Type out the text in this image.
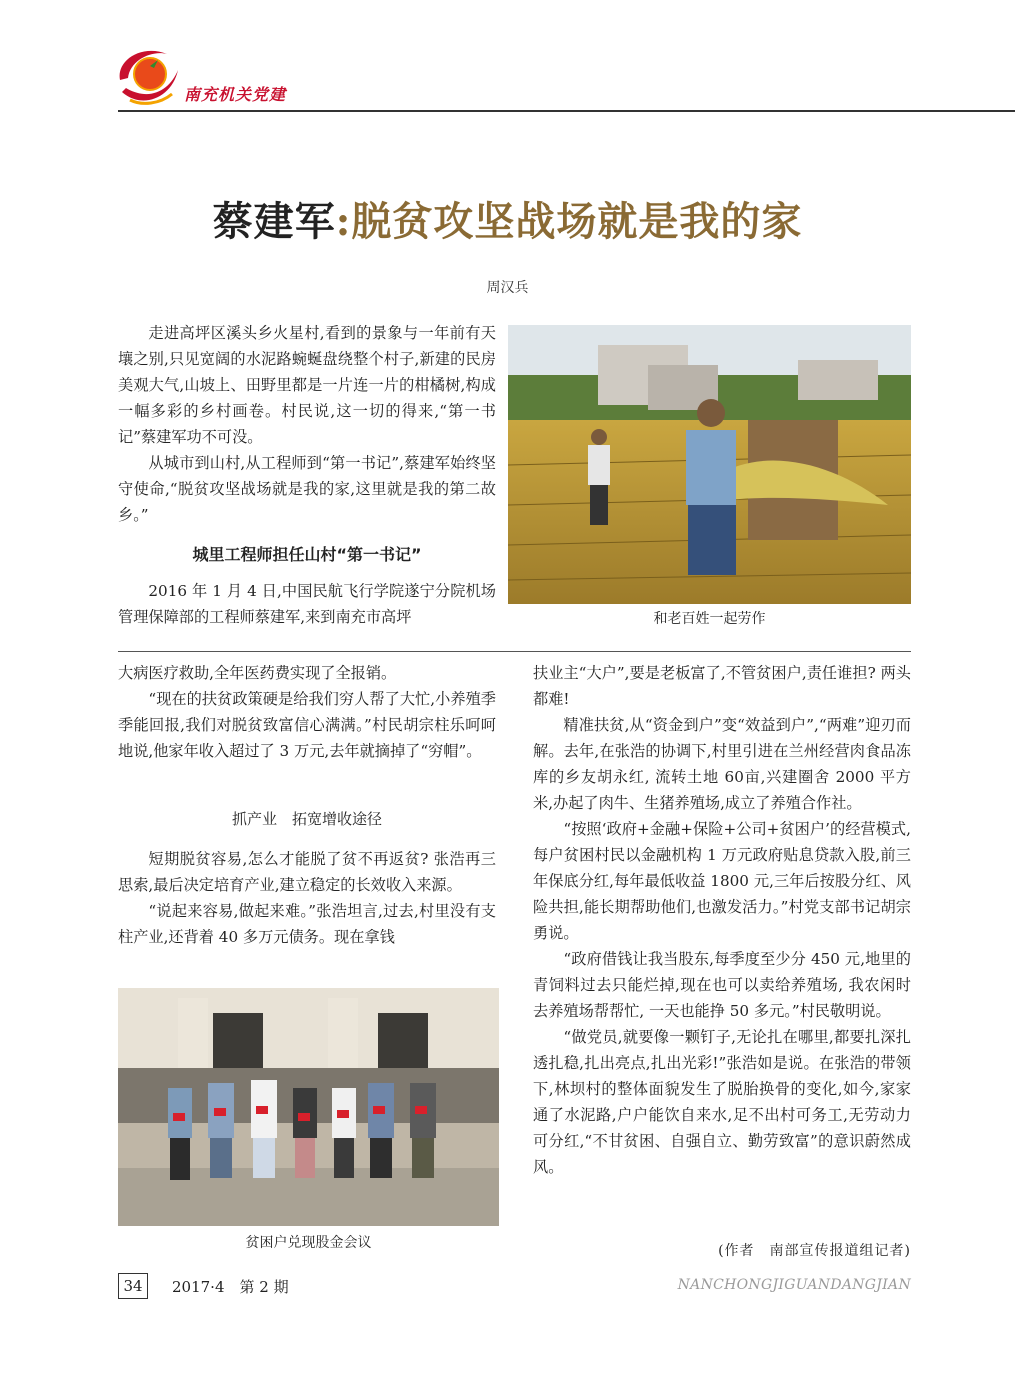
南充机关党建
蔡建军:脱贫攻坚战场就是我的家
周汉兵

走进高坪区溪头乡火星村,看到的景象与一年前有天壤之别,只见宽阔的水泥路蜿蜒盘绕整个村子,新建的民房美观大气,山坡上、田野里都是一片连一片的柑橘树,构成一幅多彩的乡村画卷。村民说,这一切的得来,“第一书记”蔡建军功不可没。

从城市到山村,从工程师到“第一书记”,蔡建军始终坚守使命,“脱贫攻坚战场就是我的家,这里就是我的第二故乡。”

城里工程师担任山村“第一书记”

2016 年 1 月 4 日,中国民航飞行学院遂宁分院机场管理保障部的工程师蔡建军,来到南充市高坪	和老百姓一起劳作

大病医疗救助,全年医药费实现了全报销。

“现在的扶贫政策硬是给我们穷人帮了大忙,小养殖季季能回报,我们对脱贫致富信心满满。”村民胡宗柱乐呵呵地说,他家年收入超过了 3 万元,去年就摘掉了“穷帽”。

抓产业　拓宽增收途径

短期脱贫容易,怎么才能脱了贫不再返贫? 张浩再三思索,最后决定培育产业,建立稳定的长效收入来源。

“说起来容易,做起来难。”张浩坦言,过去,村里没有支柱产业,还背着 40 多万元债务。现在拿钱

贫困户兑现股金会议

扶业主“大户”,要是老板富了,不管贫困户,责任谁担? 两头都难!

精准扶贫,从“资金到户”变“效益到户”,“两难”迎刃而解。去年,在张浩的协调下,村里引进在兰州经营肉食品冻库的乡友胡永红, 流转土地 60亩,兴建圈舍 2000 平方米,办起了肉牛、生猪养殖场,成立了养殖合作社。

“按照‘政府+金融+保险+公司+贫困户’的经营模式,每户贫困村民以金融机构 1 万元政府贴息贷款入股,前三年保底分红,每年最低收益 1800 元,三年后按股分红、风险共担,能长期帮助他们,也激发活力。”村党支部书记胡宗勇说。

“政府借钱让我当股东,每季度至少分 450 元,地里的青饲料过去只能烂掉,现在也可以卖给养殖场, 我农闲时去养殖场帮帮忙, 一天也能挣 50 多元。”村民敬明说。

“做党员,就要像一颗钉子,无论扎在哪里,都要扎深扎透扎稳,扎出亮点,扎出光彩!”张浩如是说。在张浩的带领下,林坝村的整体面貌发生了脱胎换骨的变化,如今,家家通了水泥路,户户能饮自来水,足不出村可务工,无劳动力可分红,“不甘贫困、自强自立、勤劳致富”的意识蔚然成风。

(作者　南部宣传报道组记者)
34	2017·4　第 2 期	NANCHONGJIGUANDANGJIAN
